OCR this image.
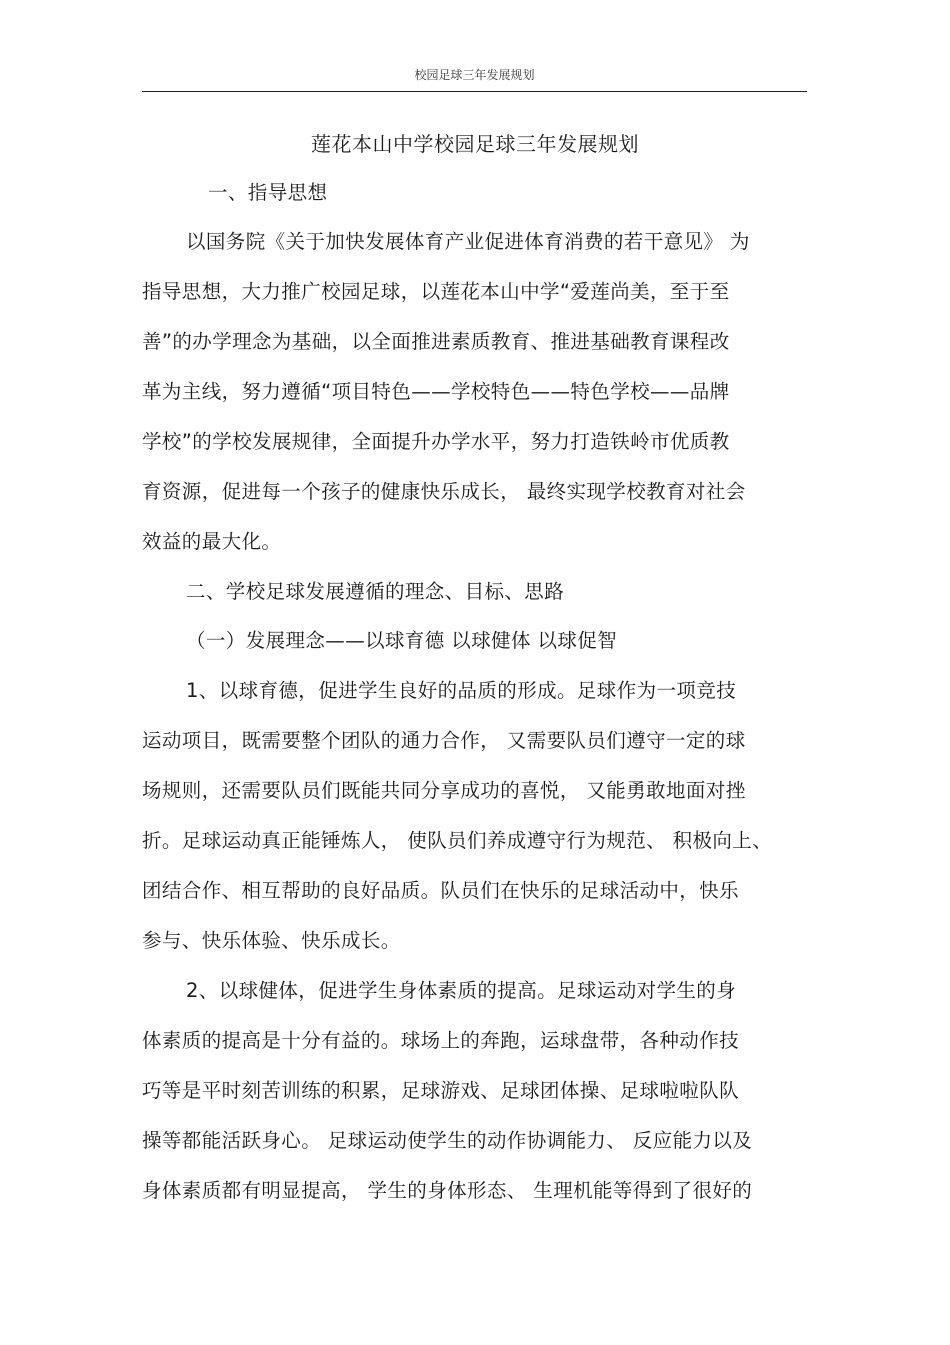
校园足球三年发展规划
莲花本山中学校园足球三年发展规划
一、指导思想
以国务院《关于加快发展体育产业促进体育消费的若干意见》 为
指导思想，大力推广校园足球，以莲花本山中学“爱莲尚美，至于至
善”的办学理念为基础，以全面推进素质教育、推进基础教育课程改
革为主线，努力遵循“项目特色——学校特色——特色学校——品牌
学校”的学校发展规律，全面提升办学水平，努力打造铁岭市优质教
育资源，促进每一个孩子的健康快乐成长， 最终实现学校教育对社会
效益的最大化。
二、学校足球发展遵循的理念、目标、思路
（一）发展理念——以球育德 以球健体 以球促智
1、以球育德，促进学生良好的品质的形成。足球作为一项竞技
运动项目，既需要整个团队的通力合作， 又需要队员们遵守一定的球
场规则，还需要队员们既能共同分享成功的喜悦， 又能勇敢地面对挫
折。足球运动真正能锤炼人， 使队员们养成遵守行为规范、 积极向上、
团结合作、相互帮助的良好品质。队员们在快乐的足球活动中，快乐
参与、快乐体验、快乐成长。
2、以球健体，促进学生身体素质的提高。足球运动对学生的身
体素质的提高是十分有益的。球场上的奔跑，运球盘带，各种动作技
巧等是平时刻苦训练的积累，足球游戏、足球团体操、足球啦啦队队
操等都能活跃身心。 足球运动使学生的动作协调能力、 反应能力以及
身体素质都有明显提高， 学生的身体形态、 生理机能等得到了很好的
